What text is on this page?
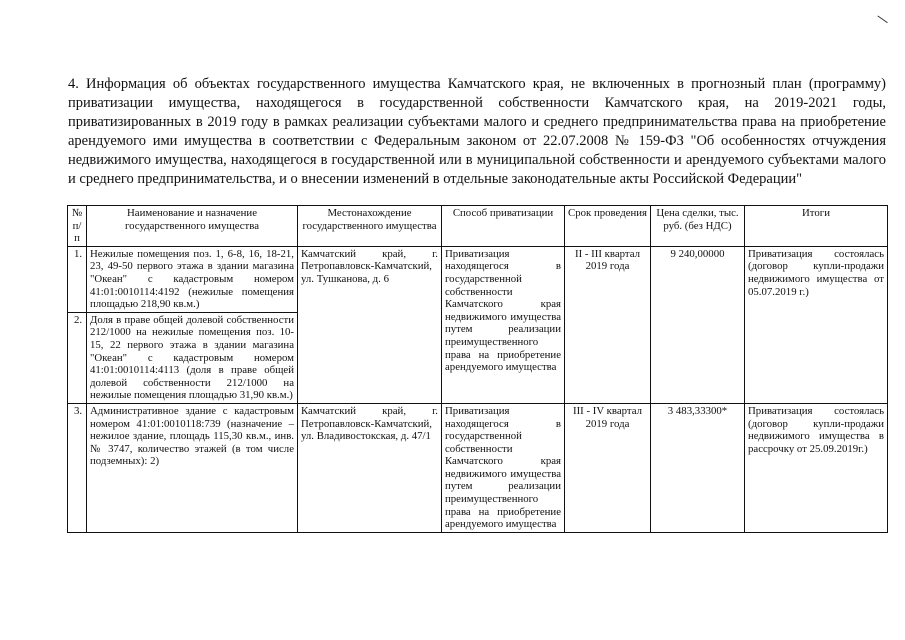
4. Информация об объектах государственного имущества Камчатского края, не включенных в прогнозный план (программу) приватизации имущества, находящегося в государственной собственности Камчатского края, на 2019-2021 годы, приватизированных в 2019 году в рамках реализации субъектами малого и среднего предпринимательства права на приобретение арендуемого ими имущества в соответствии с Федеральным законом от 22.07.2008 № 159-ФЗ "Об особенностях отчуждения недвижимого имущества, находящегося в государственной или в муниципальной собственности и арендуемого субъектами малого и среднего предпринимательства, и о внесении изменений в отдельные законодательные акты Российской Федерации"

№ п/п	Наименование и назначение государственного имущества	Местонахождение государственного имущества	Способ приватизации	Срок проведения	Цена сделки, тыс. руб. (без НДС)	Итоги
1.	Нежилые помещения поз. 1, 6-8, 16, 18-21, 23, 49-50 первого этажа в здании магазина "Океан" с кадастровым номером 41:01:0010114:4192 (нежилые помещения площадью 218,90 кв.м.)	Камчатский край, г. Петропавловск-Камчатский, ул. Тушканова, д. 6	Приватизация находящегося в государственной собственности Камчатского края недвижимого имущества путем реализации преимущественного права на приобретение арендуемого имущества	II - III квартал 2019 года	9 240,00000	Приватизация состоялась (договор купли-продажи недвижимого имущества от 05.07.2019 г.)
2.	Доля в праве общей долевой собственности 212/1000 на нежилые помещения поз. 10-15, 22 первого этажа в здании магазина "Океан" с кадастровым номером 41:01:0010114:4113 (доля в праве общей долевой собственности 212/1000 на нежилые помещения площадью 31,90 кв.м.)					
3.	Административное здание с кадастровым номером 41:01:0010118:739 (назначение – нежилое здание, площадь 115,30 кв.м., инв. № 3747, количество этажей (в том числе подземных): 2)	Камчатский край, г. Петропавловск-Камчатский, ул. Владивостокская, д. 47/1	Приватизация находящегося в государственной собственности Камчатского края недвижимого имущества путем реализации преимущественного права на приобретение арендуемого имущества	III - IV квартал 2019 года	3 483,33300*	Приватизация состоялась (договор купли-продажи недвижимого имущества в рассрочку от 25.09.2019г.)
